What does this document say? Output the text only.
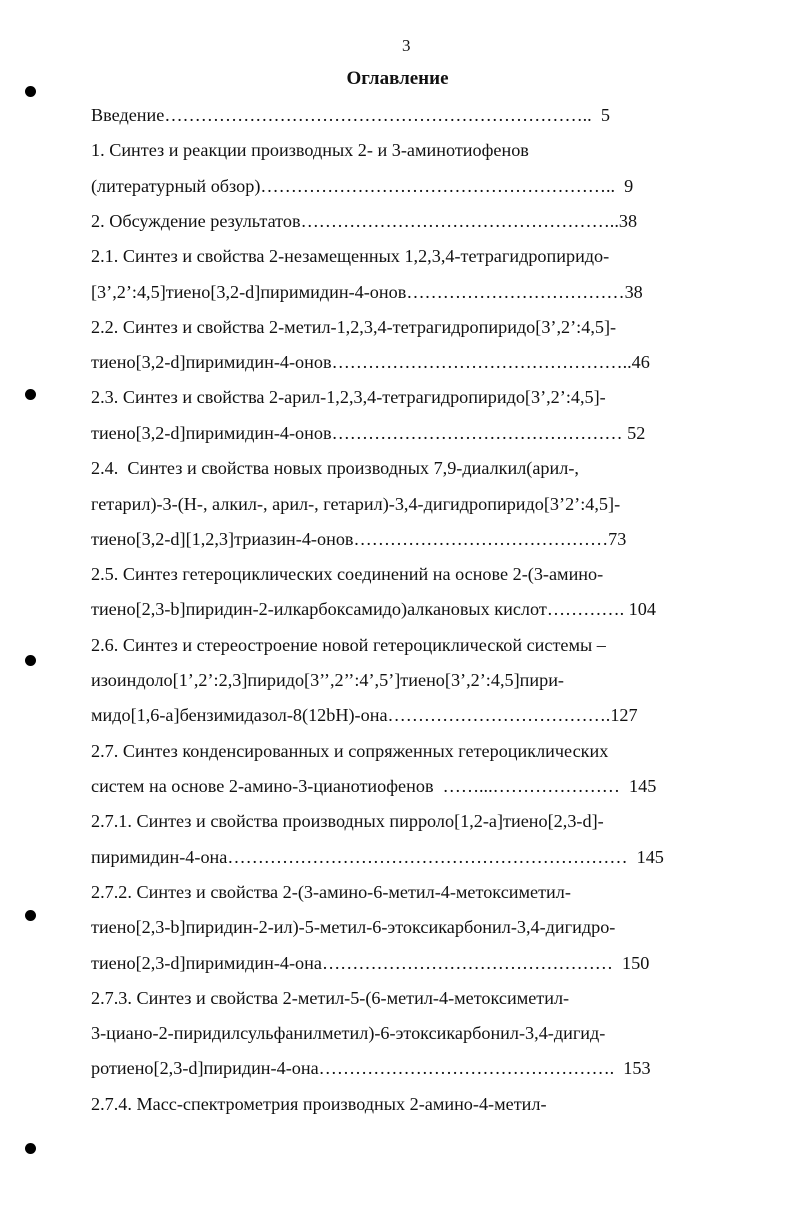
3
Оглавление
Введение……………………………………………………………..  5
1. Синтез и реакции производных 2- и 3-аминотиофенов
(литературный обзор)…………………………………………………..  9
2. Обсуждение результатов……………………………………………..38
2.1. Синтез и свойства 2-незамещенных 1,2,3,4-тетрагидропиридо-
[3’,2’:4,5]тиено[3,2-d]пиримидин-4-онов………………………………38
2.2. Синтез и свойства 2-метил-1,2,3,4-тетрагидропиридо[3’,2’:4,5]-
тиено[3,2-d]пиримидин-4-онов…………………………………………..46
2.3. Синтез и свойства 2-арил-1,2,3,4-тетрагидропиридо[3’,2’:4,5]-
тиено[3,2-d]пиримидин-4-онов………………………………………… 52
2.4.  Синтез и свойства новых производных 7,9-диалкил(арил-,
гетарил)-3-(Н-, алкил-, арил-, гетарил)-3,4-дигидропиридо[3’2’:4,5]-
тиено[3,2-d][1,2,3]триазин-4-онов……………………………………73
2.5. Синтез гетероциклических соединений на основе 2-(3-амино-
тиено[2,3-b]пиридин-2-илкарбоксамидо)алкановых кислот…………. 104
2.6. Синтез и стереостроение новой гетероциклической системы –
изоиндоло[1’,2’:2,3]пиридо[3’’,2’’:4’,5’]тиено[3’,2’:4,5]пири-
мидо[1,6-а]бензимидазол-8(12bН)-она……………………………….127
2.7. Синтез конденсированных и сопряженных гетероциклических
систем на основе 2-амино-3-цианотиофенов  ……...…………………  145
2.7.1. Синтез и свойства производных пирроло[1,2-а]тиено[2,3-d]-
пиримидин-4-она…………………………………………………………  145
2.7.2. Синтез и свойства 2-(3-амино-6-метил-4-метоксиметил-
тиено[2,3-b]пиридин-2-ил)-5-метил-6-этоксикарбонил-3,4-дигидро-
тиено[2,3-d]пиримидин-4-она…………………………………………  150
2.7.3. Синтез и свойства 2-метил-5-(6-метил-4-метоксиметил-
3-циано-2-пиридилсульфанилметил)-6-этоксикарбонил-3,4-дигид-
ротиено[2,3-d]пиридин-4-она………………………………………….  153
2.7.4. Масс-спектрометрия производных 2-амино-4-метил-
